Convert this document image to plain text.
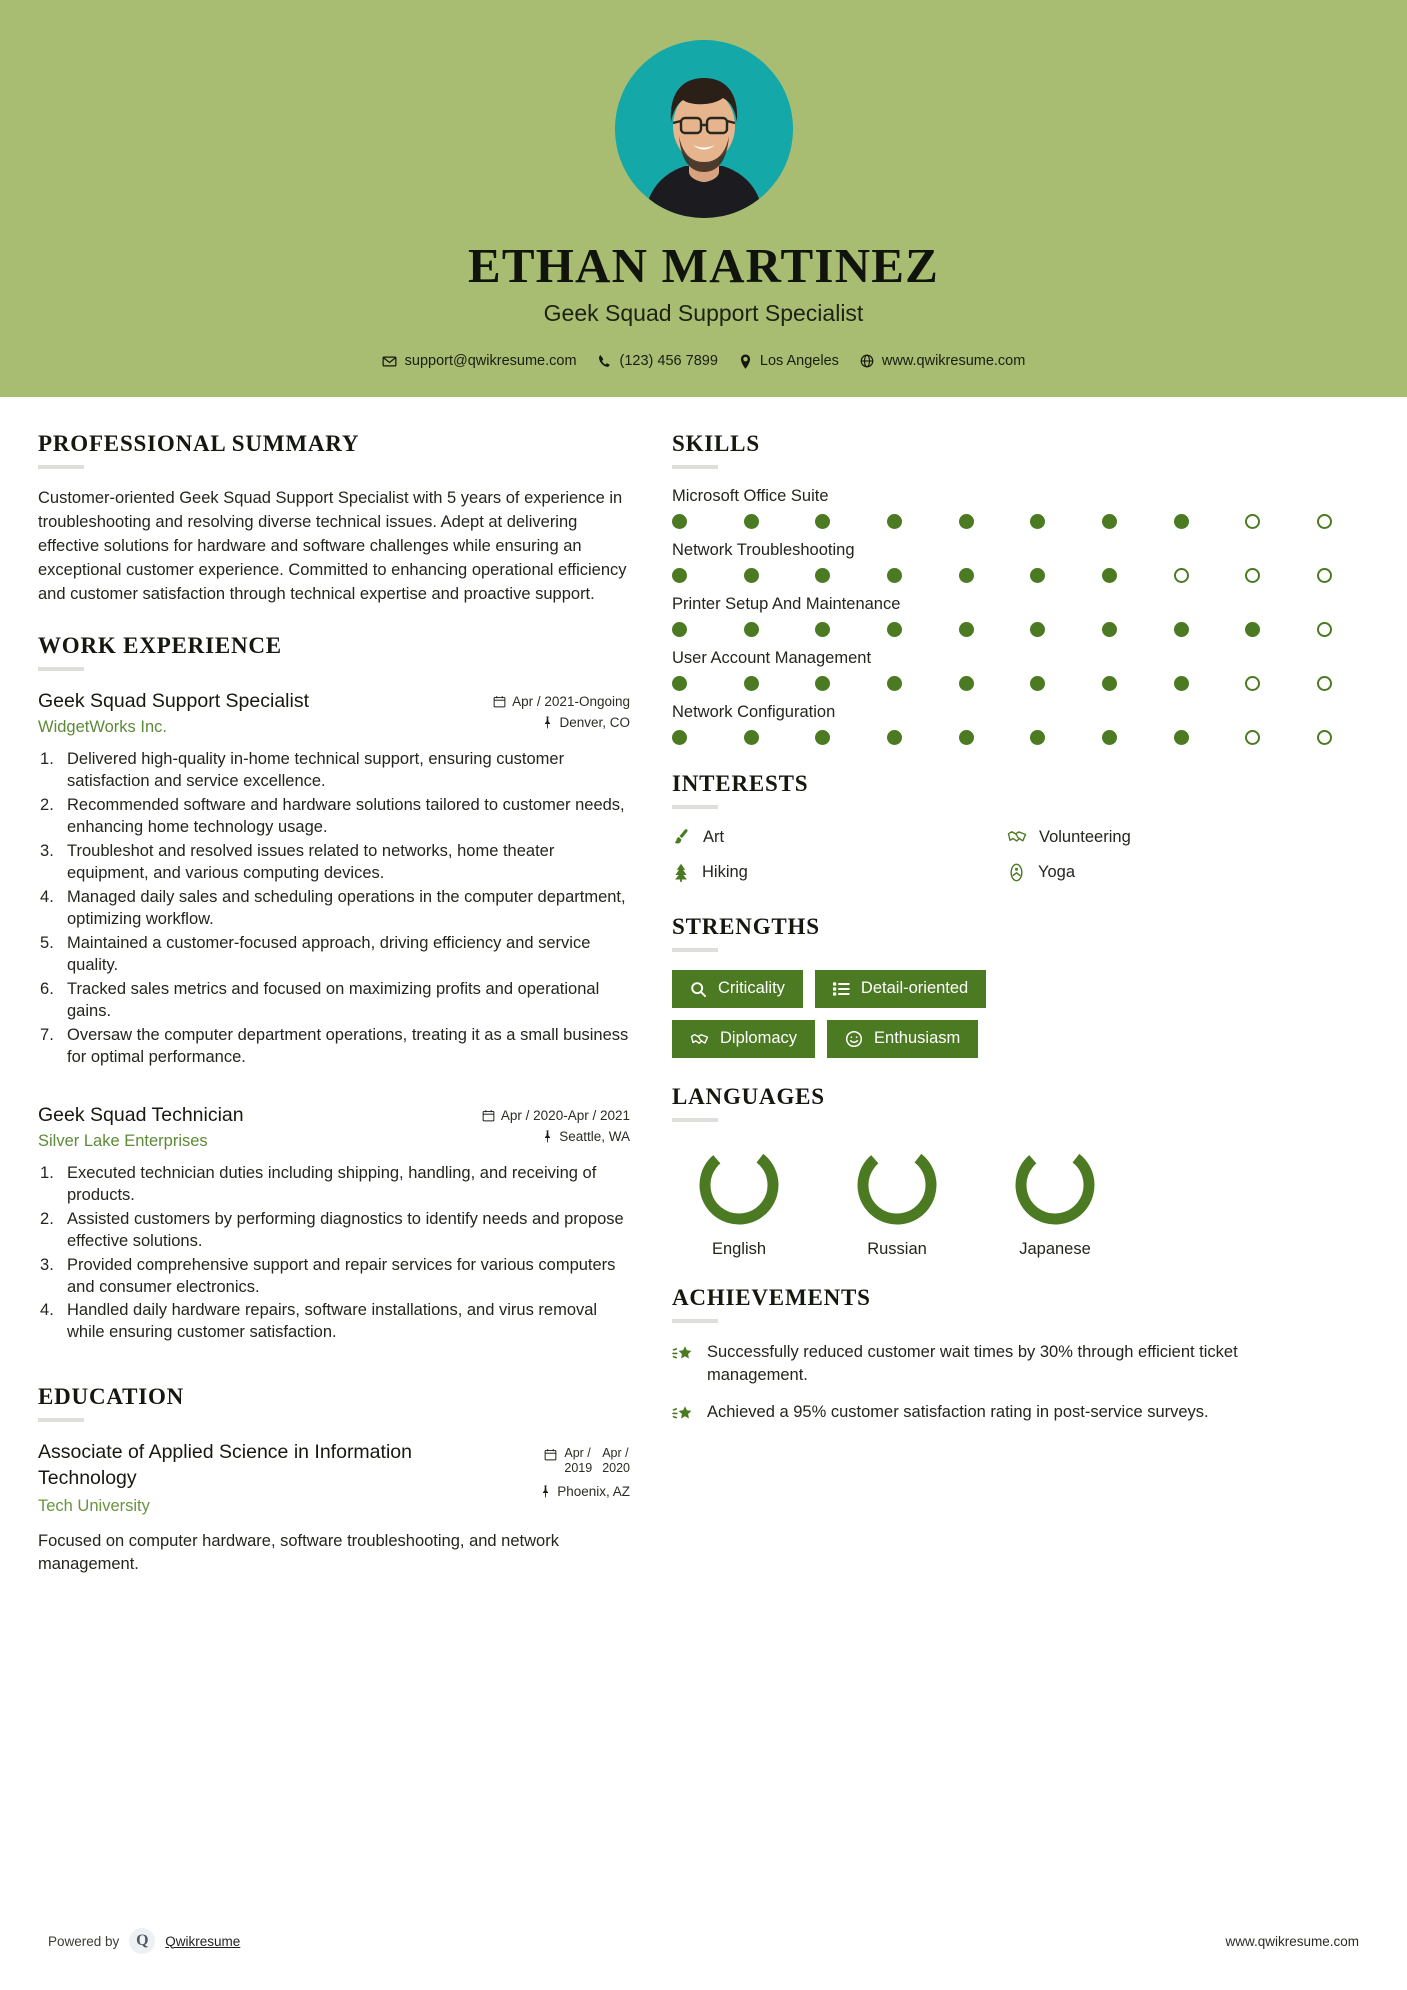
ETHAN MARTINEZ
Geek Squad Support Specialist
support@qwikresume.com	(123) 456 7899	Los Angeles	www.qwikresume.com
PROFESSIONAL SUMMARY
Customer-oriented Geek Squad Support Specialist with 5 years of experience in troubleshooting and resolving diverse technical issues. Adept at delivering effective solutions for hardware and software challenges while ensuring an exceptional customer experience. Committed to enhancing operational efficiency and customer satisfaction through technical expertise and proactive support.
WORK EXPERIENCE
Geek Squad Support Specialist
WidgetWorks Inc.
Apr / 2021-Ongoing
Denver, CO
Delivered high-quality in-home technical support, ensuring customer satisfaction and service excellence.
Recommended software and hardware solutions tailored to customer needs, enhancing home technology usage.
Troubleshot and resolved issues related to networks, home theater equipment, and various computing devices.
Managed daily sales and scheduling operations in the computer department, optimizing workflow.
Maintained a customer-focused approach, driving efficiency and service quality.
Tracked sales metrics and focused on maximizing profits and operational gains.
Oversaw the computer department operations, treating it as a small business for optimal performance.
Geek Squad Technician
Silver Lake Enterprises
Apr / 2020-Apr / 2021
Seattle, WA
Executed technician duties including shipping, handling, and receiving of products.
Assisted customers by performing diagnostics to identify needs and propose effective solutions.
Provided comprehensive support and repair services for various computers and consumer electronics.
Handled daily hardware repairs, software installations, and virus removal while ensuring customer satisfaction.
EDUCATION
Associate of Applied Science in Information Technology
Tech University
Apr /
2019
Apr /
2020
Phoenix, AZ
Focused on computer hardware, software troubleshooting, and network management.
SKILLS
Microsoft Office Suite
Network Troubleshooting
Printer Setup And Maintenance
User Account Management
Network Configuration
INTERESTS
Art	Volunteering
Hiking	Yoga
STRENGTHS
Criticality	Detail-oriented
Diplomacy	Enthusiasm
LANGUAGES
English	Russian	Japanese
ACHIEVEMENTS
Successfully reduced customer wait times by 30% through efficient ticket management.
Achieved a 95% customer satisfaction rating in post-service surveys.
Powered by Q Qwikresume	www.qwikresume.com
